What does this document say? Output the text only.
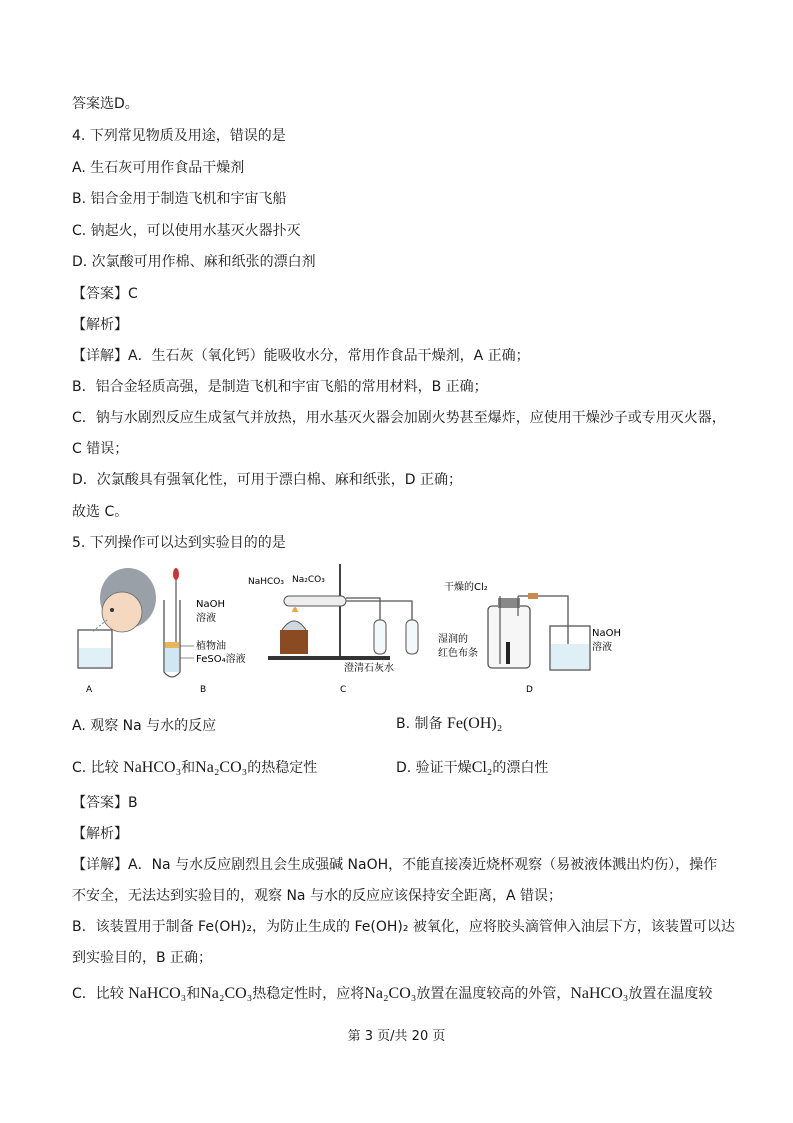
答案选D。
4. 下列常见物质及用途，错误的是
A. 生石灰可用作食品干燥剂
B. 铝合金用于制造飞机和宇宙飞船
C. 钠起火，可以使用水基灭火器扑灭
D. 次氯酸可用作棉、麻和纸张的漂白剂
【答案】C
【解析】
【详解】A．生石灰（氧化钙）能吸收水分，常用作食品干燥剂，A 正确；
B．铝合金轻质高强，是制造飞机和宇宙飞船的常用材料，B 正确；
C．钠与水剧烈反应生成氢气并放热，用水基灭火器会加剧火势甚至爆炸，应使用干燥沙子或专用灭火器，
C 错误；
D．次氯酸具有强氧化性，可用于漂白棉、麻和纸张，D 正确；
故选 C。
5. 下列操作可以达到实验目的的是
A
NaOH
溶液
植物油
FeSO₄溶液
B
NaHCO₃ Na₂CO₃
澄清石灰水
C
干燥的Cl₂
湿润的
红色布条
NaOH
溶液
D
A. 观察 Na 与水的反应	B. 制备 Fe(OH)₂
C. 比较 NaHCO₃和Na₂CO₃的热稳定性	D. 验证干燥Cl₂的漂白性
【答案】B
【解析】
【详解】A．Na 与水反应剧烈且会生成强碱 NaOH，不能直接凑近烧杯观察（易被液体溅出灼伤），操作
不安全，无法达到实验目的，观察 Na 与水的反应应该保持安全距离，A 错误；
B．该装置用于制备 Fe(OH)₂，为防止生成的 Fe(OH)₂ 被氧化，应将胶头滴管伸入油层下方，该装置可以达
到实验目的，B 正确；
C．比较 NaHCO₃和Na₂CO₃热稳定性时，应将Na₂CO₃放置在温度较高的外管，NaHCO₃放置在温度较
第 3 页/共 20 页
